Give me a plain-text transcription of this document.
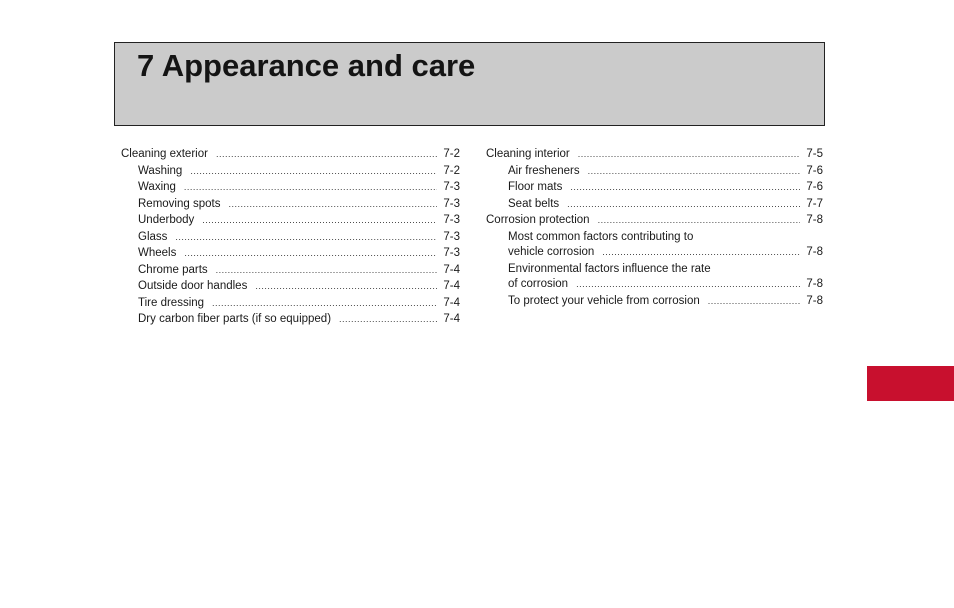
7 Appearance and care
Cleaning exterior .....	7-2
Washing .....	7-2
Waxing .....	7-3
Removing spots .....	7-3
Underbody .....	7-3
Glass .....	7-3
Wheels .....	7-3
Chrome parts .....	7-4
Outside door handles .....	7-4
Tire dressing .....	7-4
Dry carbon fiber parts (if so equipped) .....	7-4
Cleaning interior .....	7-5
Air fresheners .....	7-6
Floor mats .....	7-6
Seat belts .....	7-7
Corrosion protection .....	7-8
Most common factors contributing to
vehicle corrosion .....	7-8
Environmental factors influence the rate
of corrosion .....	7-8
To protect your vehicle from corrosion .....	7-8
